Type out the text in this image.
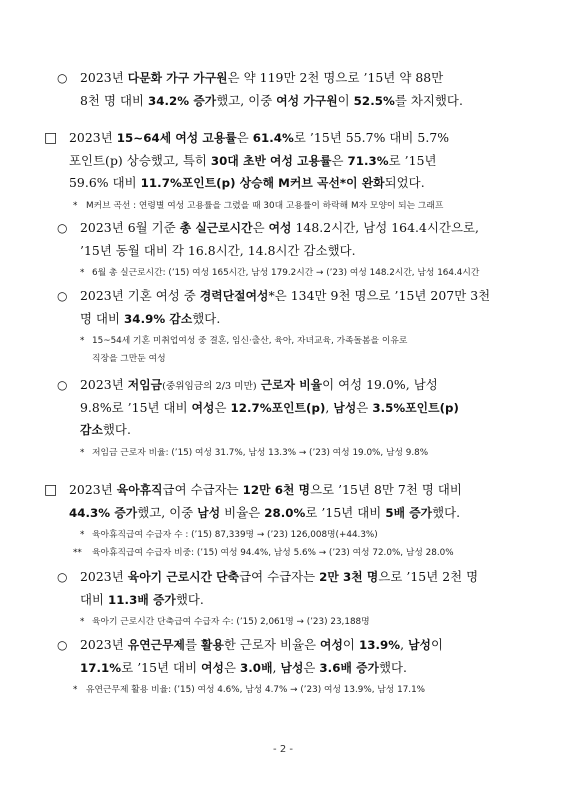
○ 2023년 다문화 가구 가구원은 약 119만 2천 명으로 ’15년 약 88만
8천 명 대비 34.2% 증가했고, 이중 여성 가구원이 52.5%를 차지했다.
□ 2023년 15~64세 여성 고용률은 61.4%로 ’15년 55.7% 대비 5.7%
포인트(p) 상승했고, 특히 30대 초반 여성 고용률은 71.3%로 ’15년
59.6% 대비 11.7%포인트(p) 상승해 M커브 곡선*이 완화되었다.
* M커브 곡선 : 연령별 여성 고용률을 그렸을 때 30대 고용률이 하락해 M자 모양이 되는 그래프
○ 2023년 6월 기준 총 실근로시간은 여성 148.2시간, 남성 164.4시간으로,
’15년 동월 대비 각 16.8시간, 14.8시간 감소했다.
* 6월 총 실근로시간: (’15) 여성 165시간, 남성 179.2시간 → (’23) 여성 148.2시간, 남성 164.4시간
○ 2023년 기혼 여성 중 경력단절여성*은 134만 9천 명으로 ’15년 207만 3천
명 대비 34.9% 감소했다.
* 15~54세 기혼 미취업여성 중 결혼, 임신·출산, 육아, 자녀교육, 가족돌봄을 이유로
직장을 그만둔 여성
○ 2023년 저임금(중위임금의 2/3 미만) 근로자 비율이 여성 19.0%, 남성
9.8%로 ’15년 대비 여성은 12.7%포인트(p), 남성은 3.5%포인트(p)
감소했다.
* 저임금 근로자 비율: (’15) 여성 31.7%, 남성 13.3% → (’23) 여성 19.0%, 남성 9.8%
□ 2023년 육아휴직급여 수급자는 12만 6천 명으로 ’15년 8만 7천 명 대비
44.3% 증가했고, 이중 남성 비율은 28.0%로 ’15년 대비 5배 증가했다.
* 육아휴직급여 수급자 수 : (’15) 87,339명 → (’23) 126,008명(+44.3%)
** 육아휴직급여 수급자 비중: (’15) 여성 94.4%, 남성 5.6% → (’23) 여성 72.0%, 남성 28.0%
○ 2023년 육아기 근로시간 단축급여 수급자는 2만 3천 명으로 ’15년 2천 명
대비 11.3배 증가했다.
* 육아기 근로시간 단축급여 수급자 수: (’15) 2,061명 → (’23) 23,188명
○ 2023년 유연근무제를 활용한 근로자 비율은 여성이 13.9%, 남성이
17.1%로 ’15년 대비 여성은 3.0배, 남성은 3.6배 증가했다.
* 유연근무제 활용 비율: (’15) 여성 4.6%, 남성 4.7% → (’23) 여성 13.9%, 남성 17.1%
- 2 -
